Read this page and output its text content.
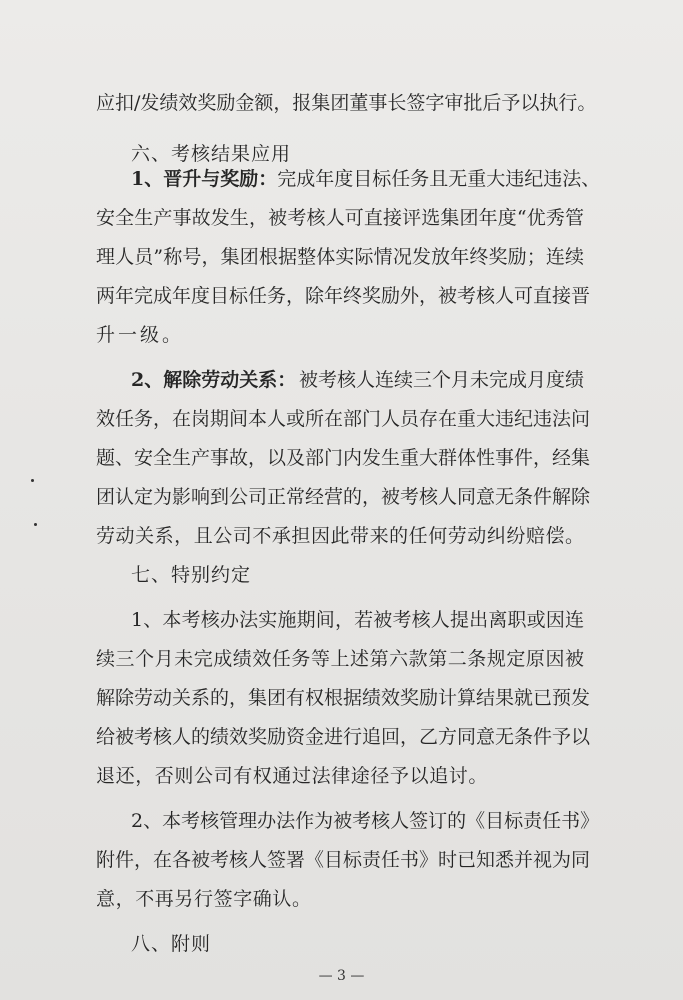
应扣/发绩效奖励金额，报集团董事长签字审批后予以执行。
六、考核结果应用
1、晋升与奖励： 完成年度目标任务且无重大违纪违法、
安全生产事故发生，被考核人可直接评选集团年度“优秀管
理人员”称号，集团根据整体实际情况发放年终奖励；连续
两年完成年度目标任务，除年终奖励外，被考核人可直接晋
升一级。
2、解除劳动关系： 被考核人连续三个月未完成月度绩
效任务，在岗期间本人或所在部门人员存在重大违纪违法问
题、安全生产事故，以及部门内发生重大群体性事件，经集
团认定为影响到公司正常经营的，被考核人同意无条件解除
劳动关系，且公司不承担因此带来的任何劳动纠纷赔偿。
七、特别约定
1、本考核办法实施期间，若被考核人提出离职或因连
续三个月未完成绩效任务等上述第六款第二条规定原因被
解除劳动关系的，集团有权根据绩效奖励计算结果就已预发
给被考核人的绩效奖励资金进行追回，乙方同意无条件予以
退还，否则公司有权通过法律途径予以追讨。
2、本考核管理办法作为被考核人签订的《目标责任书》
附件，在各被考核人签署《目标责任书》时已知悉并视为同
意，不再另行签字确认。
八、附则
— 3 —
